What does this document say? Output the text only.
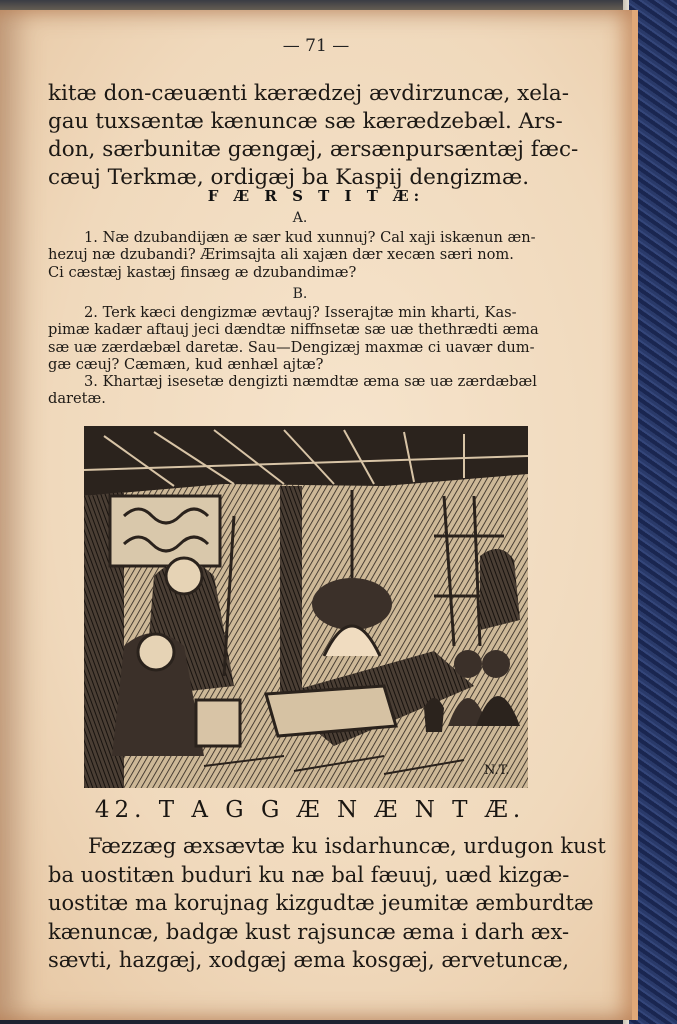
— 71 —
kitæ don-cæuænti kærædzej ævdirzuncæ, xela-
gau tuxsæntæ kænuncæ sæ kærædzebæl. Ars-
don, særbunitæ gængæj, ærsænpursæntæj fæc-
cæuj Terkmæ, ordigæj ba Kaspij dengizmæ.
F Æ R S T I T Æ:
A.
1. Næ dzubandijæn æ sær kud xunnuj? Cal xaji iskænun æn-
hezuj næ dzubandi? Ærimsajta ali xajæn dær xecæn særi nom.
Ci cæstæj kastæj finsæg æ dzubandimæ?
B.
2. Terk kæci dengizmæ ævtauj? Isserajtæ min kharti, Kas-
pimæ kadær aftauj jeci dændtæ niffnsetæ sæ uæ thethrædti æma
sæ uæ zærdæbæl daretæ. Sau—Dengizæj maxmæ ci uavær dum-
gæ cæuj? Cæmæn, kud ænhæl ajtæ?
3. Khartæj isesetæ dengizti næmdtæ æma sæ uæ zærdæbæl
daretæ.
N.T.
42. T A G G Æ N Æ N T Æ.
Fæzzæg æxsævtæ ku isdarhuncæ, urdugon kust
ba uostitæn buduri ku næ bal fæuuj, uæd kizgæ-
uostitæ ma korujnag kizgudtæ jeumitæ æmburdtæ
kænuncæ, badgæ kust rajsuncæ æma i darh æx-
sævti, hazgæj, xodgæj æma kosgæj, ærvetuncæ,
